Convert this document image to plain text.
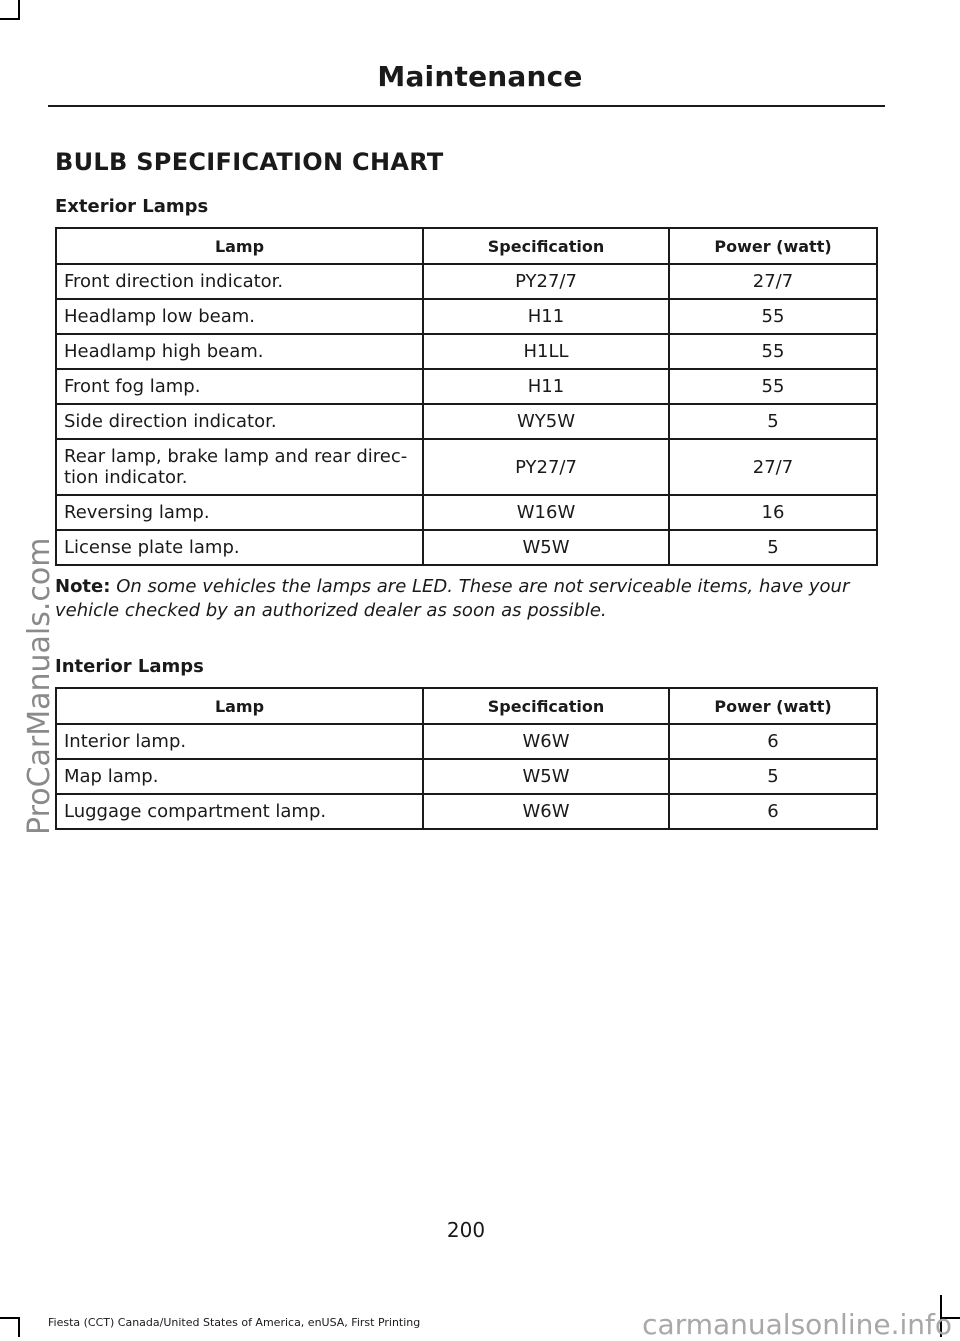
Maintenance
BULB SPECIFICATION CHART
Exterior Lamps
Lamp	Specification	Power (watt)
Front direction indicator.	PY27/7	27/7
Headlamp low beam.	H11	55
Headlamp high beam.	H1LL	55
Front fog lamp.	H11	55
Side direction indicator.	WY5W	5
Rear lamp, brake lamp and rear direc-
tion indicator.	PY27/7	27/7
Reversing lamp.	W16W	16
License plate lamp.	W5W	5
Note: On some vehicles the lamps are LED. These are not serviceable items, have your vehicle checked by an authorized dealer as soon as possible.
Interior Lamps
Lamp	Specification	Power (watt)
Interior lamp.	W6W	6
Map lamp.	W5W	5
Luggage compartment lamp.	W6W	6
200
Fiesta (CCT) Canada/United States of America, enUSA, First Printing
ProCarManuals.com
carmanualsonline.info
